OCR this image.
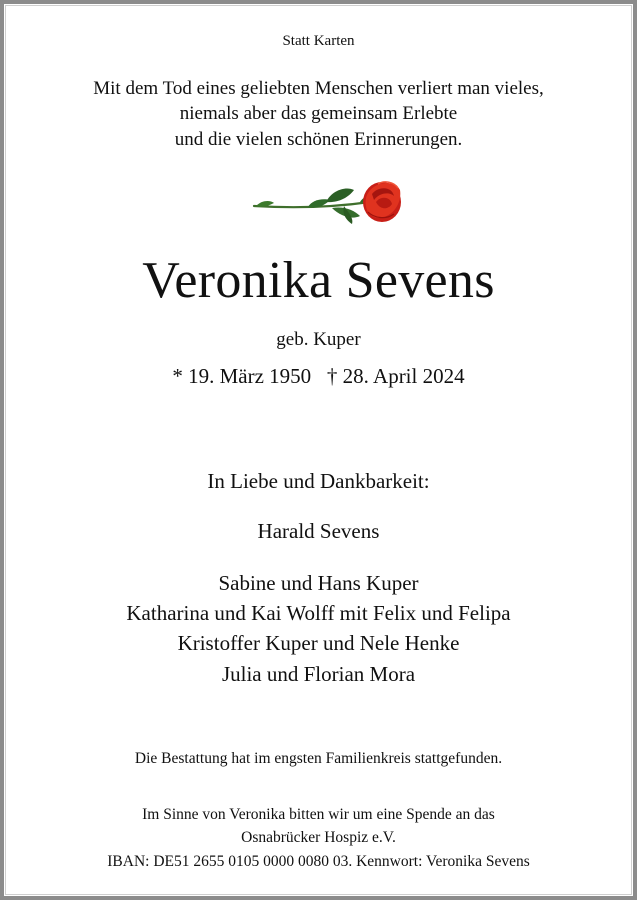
Statt Karten
Mit dem Tod eines geliebten Menschen verliert man vieles,
niemals aber das gemeinsam Erlebte
und die vielen schönen Erinnerungen.
Veronika Sevens
geb. Kuper
* 19. März 1950   † 28. April 2024
In Liebe und Dankbarkeit:
Harald Sevens
Sabine und Hans Kuper
Katharina und Kai Wolff mit Felix und Felipa
Kristoffer Kuper und Nele Henke
Julia und Florian Mora
Die Bestattung hat im engsten Familienkreis stattgefunden.
Im Sinne von Veronika bitten wir um eine Spende an das
Osnabrücker Hospiz e.V.
IBAN: DE51 2655 0105 0000 0080 03. Kennwort: Veronika Sevens
